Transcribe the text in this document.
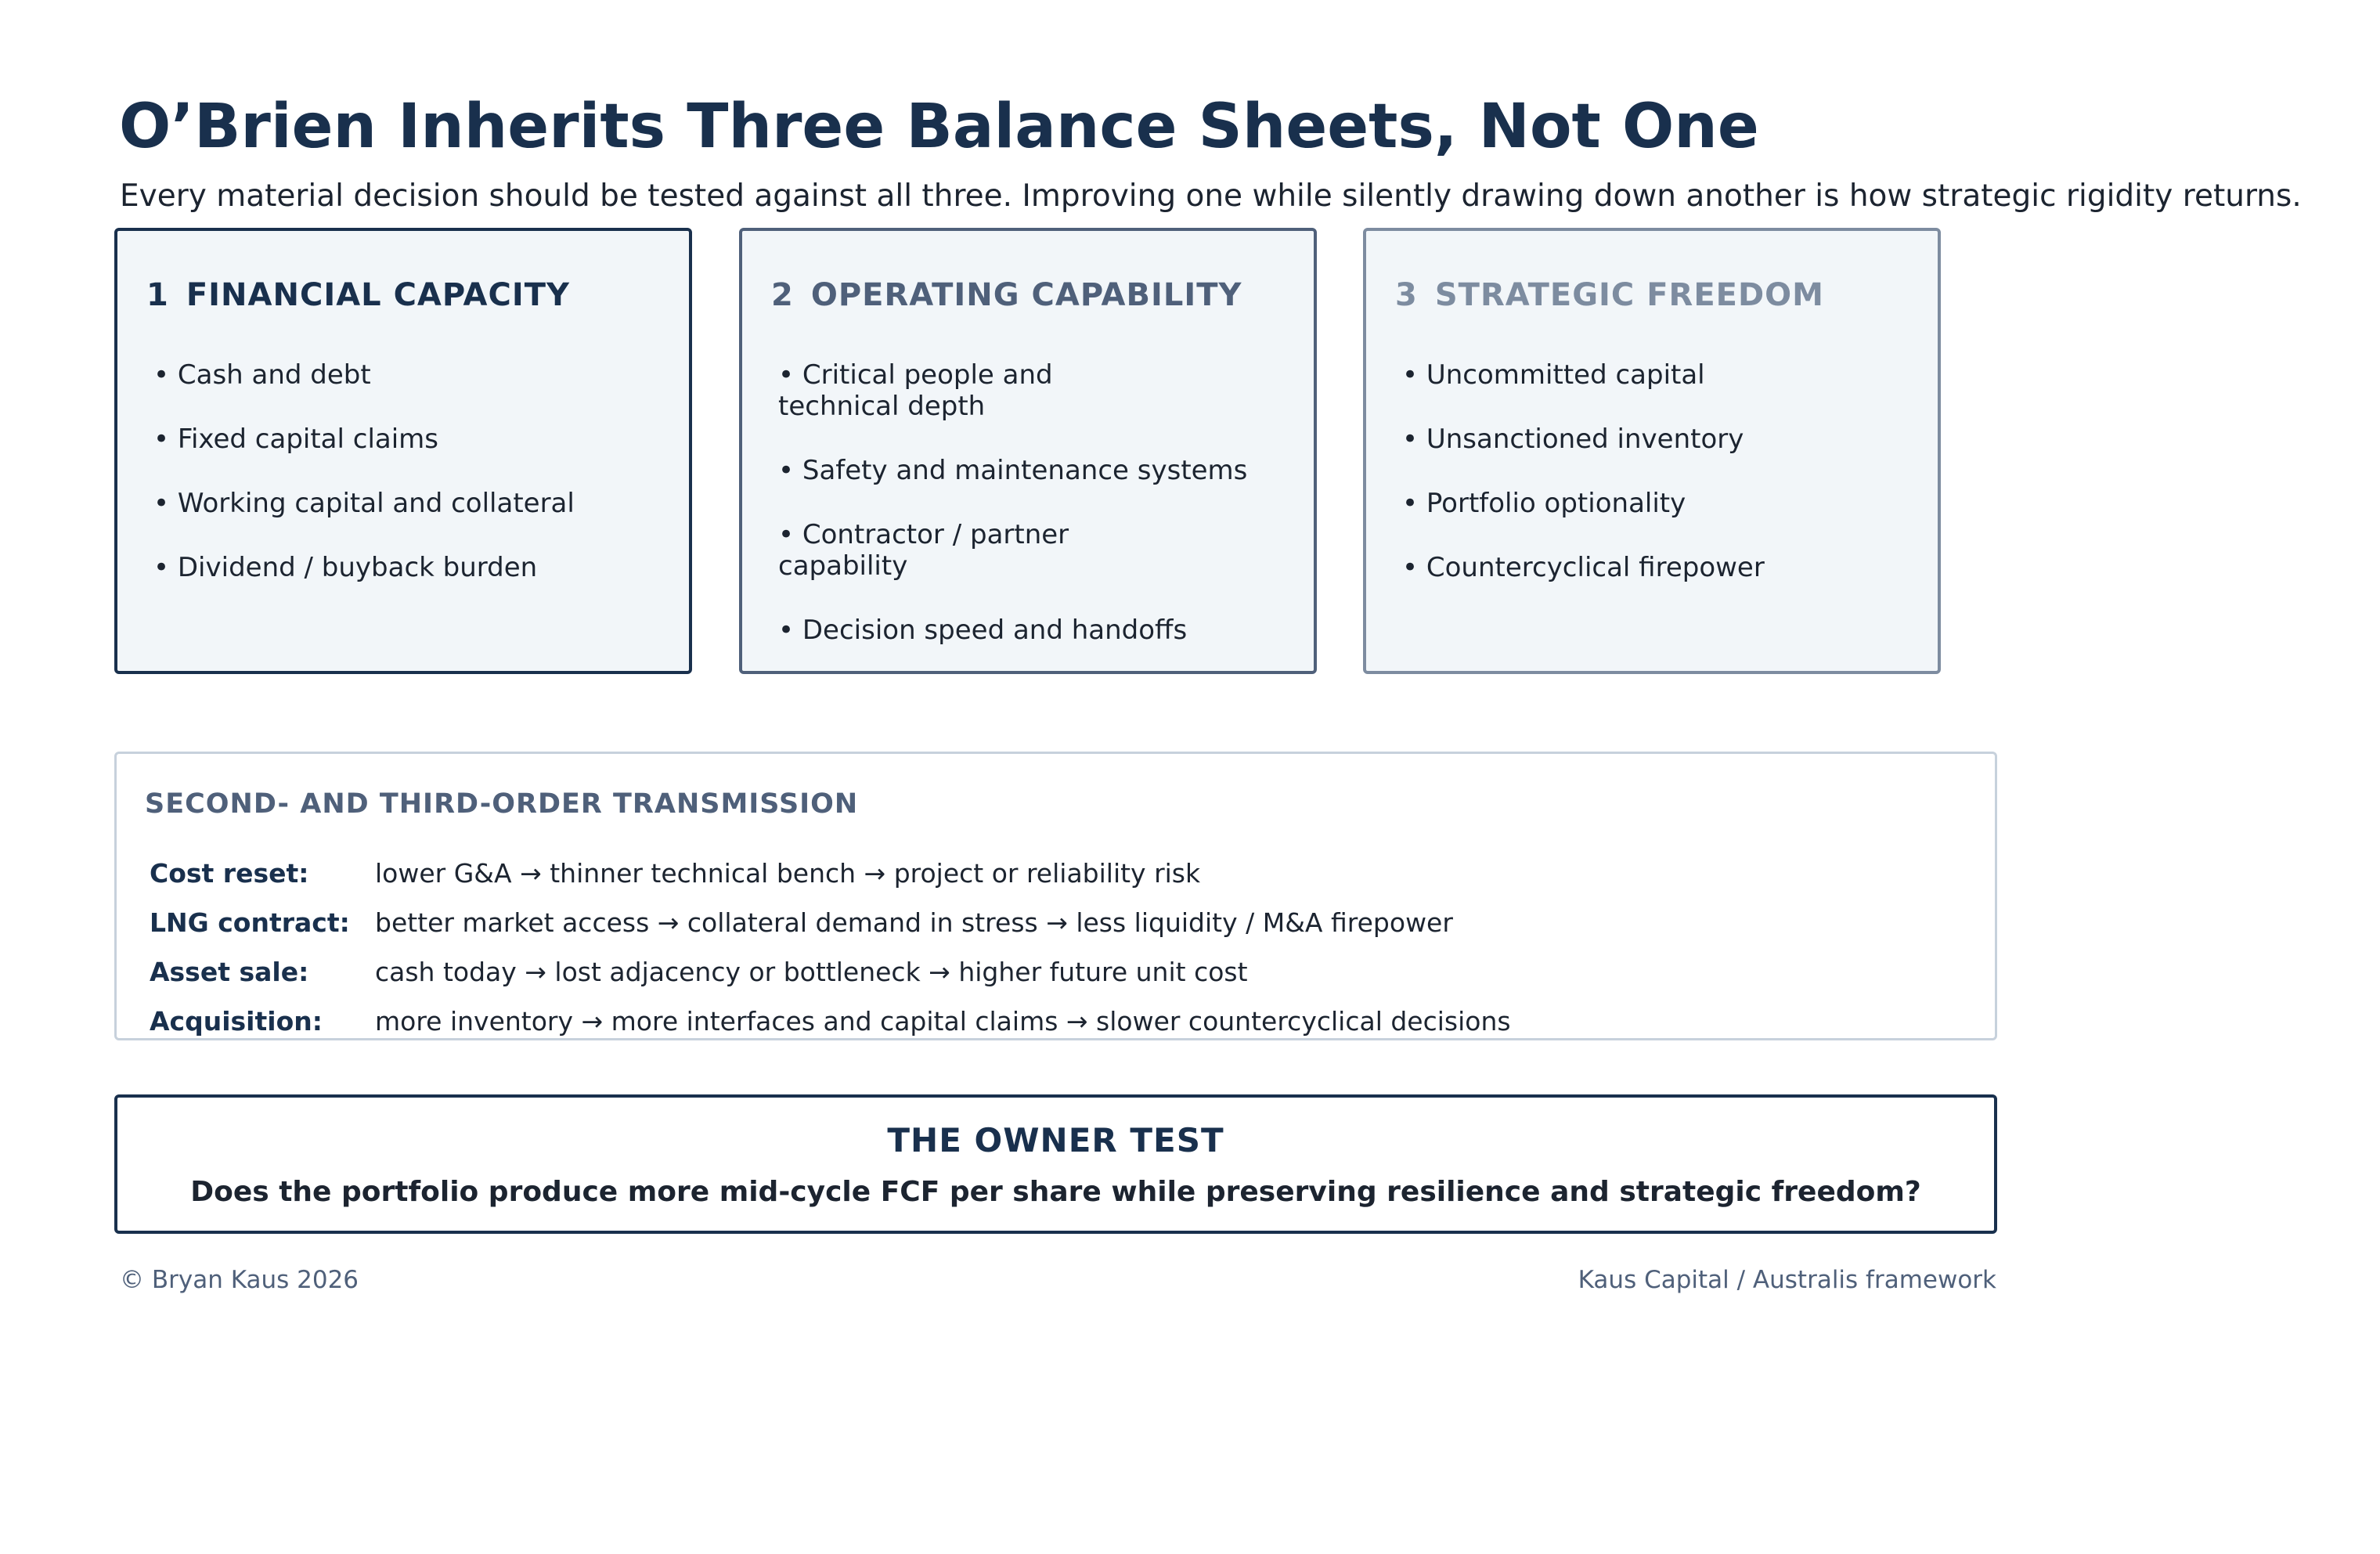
O’Brien Inherits Three Balance Sheets, Not One

Every material decision should be tested against all three. Improving one while silently drawing down another is how strategic rigidity returns.

1 FINANCIAL CAPACITY
• Cash and debt
• Fixed capital claims
• Working capital and collateral
• Dividend / buyback burden
2 OPERATING CAPABILITY
• Critical people and technical depth
• Safety and maintenance systems
• Contractor / partner capability
• Decision speed and handoffs
3 STRATEGIC FREEDOM
• Uncommitted capital
• Unsanctioned inventory
• Portfolio optionality
• Countercyclical firepower
SECOND- AND THIRD-ORDER TRANSMISSION
Cost reset:	lower G&A → thinner technical bench → project or reliability risk
LNG contract: better market access → collateral demand in stress → less liquidity / M&A firepower
Asset sale:	cash today → lost adjacency or bottleneck → higher future unit cost
Acquisition: more inventory → more interfaces and capital claims → slower countercyclical decisions
THE OWNER TEST

Does the portfolio produce more mid-cycle FCF per share while preserving resilience and strategic freedom?

© Bryan Kaus 2026	Kaus Capital / Australis framework
